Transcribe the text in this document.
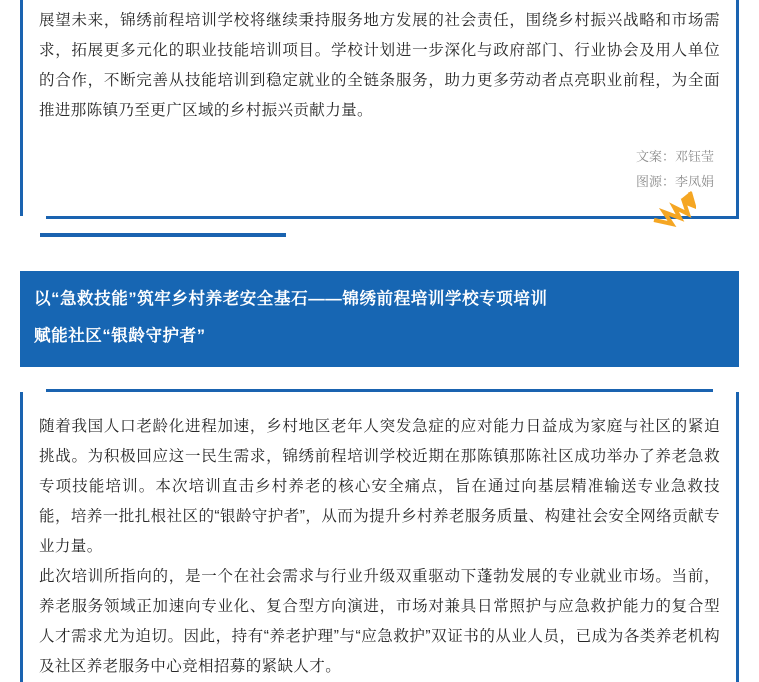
展望未来，锦绣前程培训学校将继续秉持服务地方发展的社会责任，围绕乡村振兴战略和市场需求，拓展更多元化的职业技能培训项目。学校计划进一步深化与政府部门、行业协会及用人单位的合作，不断完善从技能培训到稳定就业的全链条服务，助力更多劳动者点亮职业前程，为全面推进那陈镇乃至更广区域的乡村振兴贡献力量。

文案：邓钰莹
图源：李凤娟
以“急救技能”筑牢乡村养老安全基石——锦绣前程培训学校专项培训
赋能社区“银龄守护者”

随着我国人口老龄化进程加速，乡村地区老年人突发急症的应对能力日益成为家庭与社区的紧迫挑战。为积极回应这一民生需求，锦绣前程培训学校近期在那陈镇那陈社区成功举办了养老急救专项技能培训。本次培训直击乡村养老的核心安全痛点，旨在通过向基层精准输送专业急救技能，培养一批扎根社区的“银龄守护者”，从而为提升乡村养老服务质量、构建社会安全网络贡献专业力量。

此次培训所指向的，是一个在社会需求与行业升级双重驱动下蓬勃发展的专业就业市场。当前，养老服务领域正加速向专业化、复合型方向演进，市场对兼具日常照护与应急救护能力的复合型人才需求尤为迫切。因此，持有“养老护理”与“应急救护”双证书的从业人员，已成为各类养老机构及社区养老服务中心竞相招募的紧缺人才。
